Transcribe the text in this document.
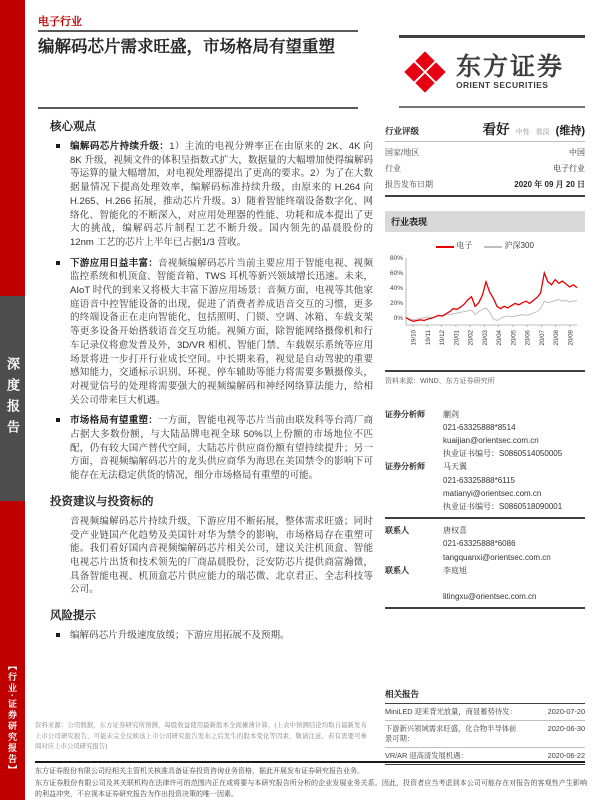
深度报告
【行业·证券研究报告】
电子行业
编解码芯片需求旺盛，市场格局有望重塑
东方证券
ORIENT SECURITIES
核心观点
编解码芯片持续升级：1）主流的电视分辨率正在由原来的 2K、4K 向 8K 升级，视频文件的体积呈指数式扩大，数据量的大幅增加使得编解码等运算的量大幅增加，对电视处理器提出了更高的要求。2）为了在大数据量情况下提高处理效率，编解码标准持续升级，由原来的 H.264 向 H.265、H.266 拓展，推动芯片升级。3）随着智能终端设备数字化、网络化、智能化的不断深入，对应用处理器的性能、功耗和成本提出了更大的挑战，编解码芯片制程工艺不断升级。国内领先的晶晨股份的 12nm 工艺的芯片上半年已占据1/3 营收。
下游应用日益丰富：音视频编解码芯片当前主要应用于智能电视、视频监控系统和机顶盒、智能音箱、TWS 耳机等新兴领域增长迅速。未来，AIoT 时代的到来又将极大丰富下游应用场景：音频方面，电视等其他家庭语音中控智能设备的出现，促进了消费者养成语音交互的习惯，更多的终端设备正在走向智能化，包括照明、门锁、空调、冰箱、车载支架等更多设备开始搭载语音交互功能。视频方面，除智能网络摄像机和行车记录仪将愈发普及外，3D/VR 相机、智能门禁、车载娱乐系统等应用场景将进一步打开行业成长空间。中长期来看，视觉是自动驾驶的重要感知能力，交通标示识别、环视、停车辅助等能力将需要多颗摄像头，对视觉信号的处理将需要强大的视频编解码和神经网络算法能力，给相关公司带来巨大机遇。
市场格局有望重塑：一方面，智能电视等芯片当前由联发科等台湾厂商占据大多数份额，与大陆品牌电视全球 50%以上份额的市场地位不匹配，仍有较大国产替代空间，大陆芯片供应商份额有望持续提升；另一方面，音视频编解码芯片的龙头供应商华为海思在美国禁令的影响下可能存在无法稳定供货的情况，细分市场格局有重塑的可能。
投资建议与投资标的
音视频编解码芯片持续升级，下游应用不断拓展，整体需求旺盛；同时受产业链国产化趋势及美国针对华为禁令的影响，市场格局存在重塑可能。我们看好国内音视频编解码芯片相关公司，建议关注机顶盒、智能电视芯片出货和技术领先的厂商晶晨股份，泛安防芯片提供商富瀚微，具备智能电视、机顶盒芯片供应能力的瑞芯微、北京君正、全志科技等公司。
风险提示
编解码芯片升级速度放缓；下游应用拓展不及预期。
行业评级	看好 中性 看淡 (维持)
国家/地区	中国
行业	电子行业
报告发布日期	2020 年 09 月 20 日
行业表现
电子	沪深300
80%
60%
40%
20%
0%
19/10 19/11 19/12 20/01 20/02 20/03 20/04 20/05 20/06 20/07 20/08 20/09
资料来源：WIND、东方证券研究所
证券分析师	蒯剑
021-63325888*8514
kuaijian@orientsec.com.cn
执业证书编号：S0860514050005
证券分析师	马天翼
021-63325888*6115
matianyi@orientsec.com.cn
执业证书编号：S0860518090001
联系人	唐权喜
021-63325888*6086
tangquanxi@orientsec.com.cn
联系人	李庭旭
litingxu@orientsec.com.cn
相关报告
MiniLED 迎来背光放量，商显蓄势待发：	2020-07-20
下游新兴领域需求旺盛，化合物半导体前景可期：
2020-06-30
VR/AR 迎高清发展机遇：	2020-06-22
资料来源：公司数据，东方证券研究所预测，每股收益使用最新股本全面摊薄计算，(上表中预测结论均取自最新发布上市公司研究报告，可能未完全反映该上市公司研究报告发布之后发生的股本变化等因素，敬请注意，若有需要可参阅对应上市公司研究报告)

东方证券股份有限公司经相关主管机关核准具备证券投资咨询业务资格，据此开展发布证券研究报告业务。

东方证券股份有限公司及其关联机构在法律许可的范围内正在或将要与本研究报告所分析的企业发展业务关系。因此，投资者应当考虑到本公司可能存在对报告的客观性产生影响的利益冲突，不应视本证券研究报告为作出投资决策的唯一因素。
